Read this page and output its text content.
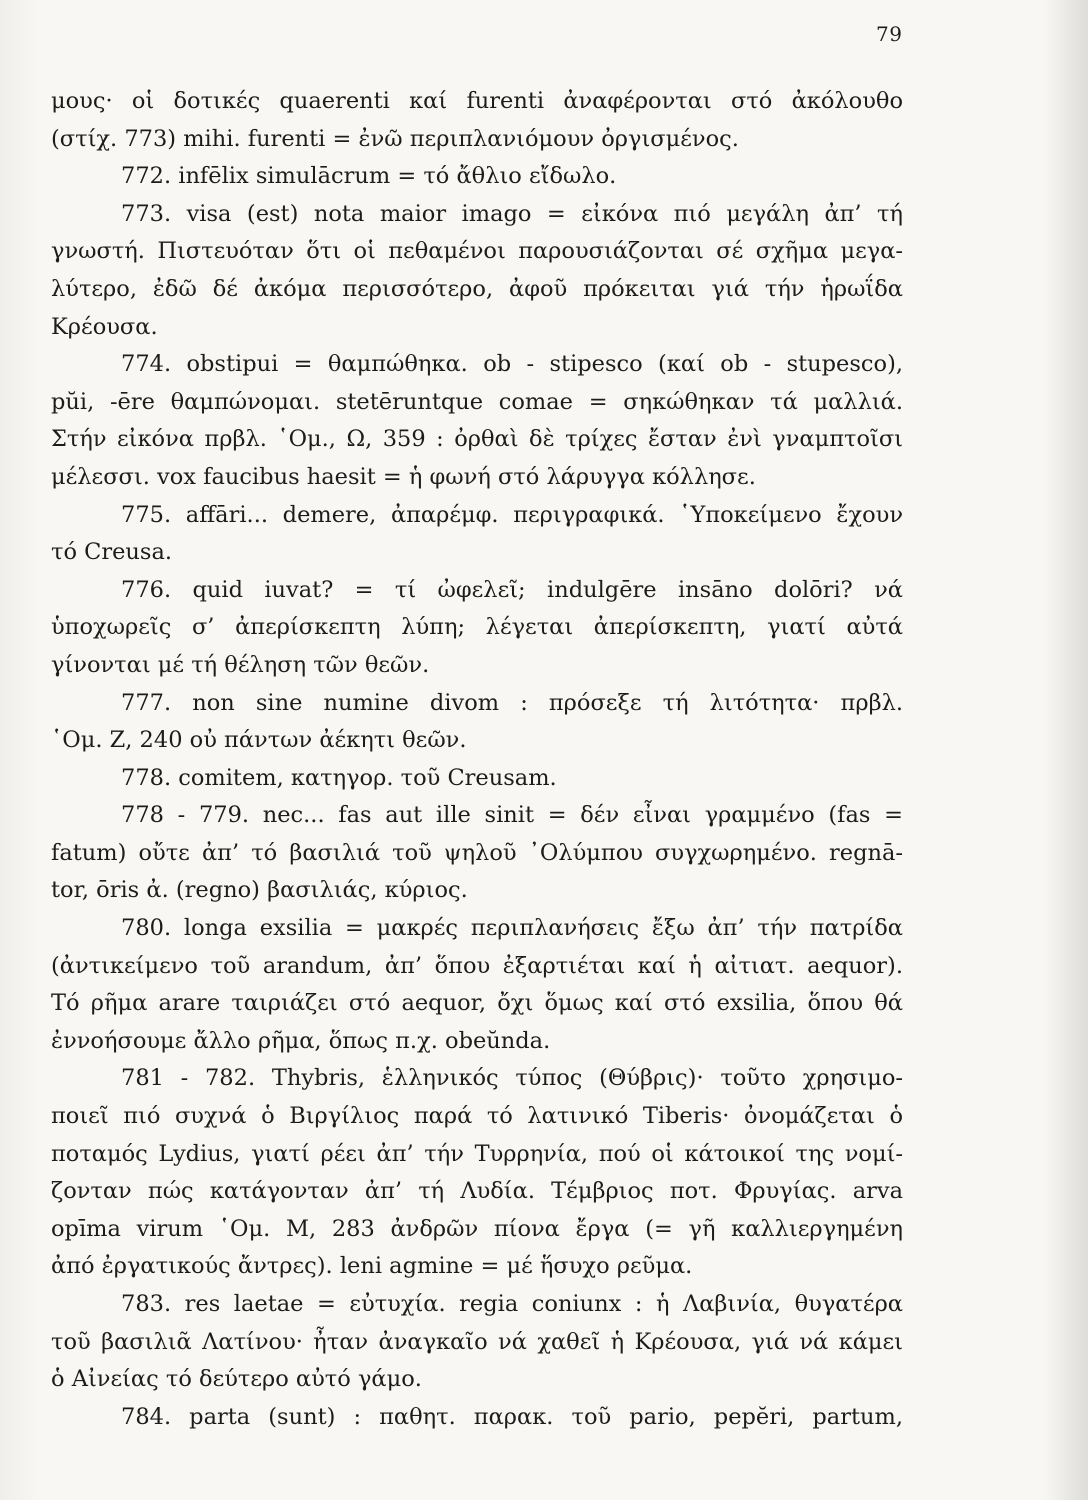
79
μους· οἱ δοτικές quaerenti καί furenti ἀναφέρονται στό ἀκόλουθο
(στίχ. 773) mihi. furenti = ἐνῶ περιπλανιόμουν ὀργισμένος.
772. infēlix simulācrum = τό ἄθλιο εἴδωλο.
773. visa (est) nota maior imago = εἰκόνα πιό μεγάλη ἀπ’ τή
γνωστή. Πιστευόταν ὅτι οἱ πεθαμένοι παρουσιάζονται σέ σχῆμα μεγα-
λύτερο, ἐδῶ δέ ἀκόμα περισσότερο, ἀφοῦ πρόκειται γιά τήν ἡρωΐδα
Κρέουσα.
774. obstipui = θαμπώθηκα. ob - stipesco (καί ob - stupesco),
pŭi, -ēre θαμπώνομαι. stetēruntque comae = σηκώθηκαν τά μαλλιά.
Στήν εἰκόνα πρβλ. ῾Ομ., Ω, 359 : ὀρθαὶ δὲ τρίχες ἔσταν ἐνὶ γναμπτοῖσι
μέλεσσι. vox faucibus haesit = ἡ φωνή στό λάρυγγα κόλλησε.
775. affāri... demere, ἀπαρέμφ. περιγραφικά. ῾Υποκείμενο ἔχουν
τό Creusa.
776. quid iuvat? = τί ὠφελεῖ; indulgēre insāno dolōri? νά
ὑποχωρεῖς σ’ ἀπερίσκεπτη λύπη; λέγεται ἀπερίσκεπτη, γιατί αὐτά
γίνονται μέ τή θέληση τῶν θεῶν.
777. non sine numine divom : πρόσεξε τή λιτότητα· πρβλ.
῾Ομ. Ζ, 240 οὐ πάντων ἀέκητι θεῶν.
778. comitem, κατηγορ. τοῦ Creusam.
778 - 779. nec... fas aut ille sinit = δέν εἶναι γραμμένο (fas =
fatum) οὔτε ἀπ’ τό βασιλιά τοῦ ψηλοῦ ᾿Ολύμπου συγχωρημένο. regnā-
tor, ōris ἀ. (regno) βασιλιάς, κύριος.
780. longa exsilia = μακρές περιπλανήσεις ἔξω ἀπ’ τήν πατρίδα
(ἀντικείμενο τοῦ arandum, ἀπ’ ὅπου ἐξαρτιέται καί ἡ αἰτιατ. aequor).
Τό ρῆμα arare ταιριάζει στό aequor, ὄχι ὅμως καί στό exsilia, ὅπου θά
ἐννοήσουμε ἄλλο ρῆμα, ὅπως π.χ. obeŭnda.
781 - 782. Thybris, ἑλληνικός τύπος (Θύβρις)· τοῦτο χρησιμο-
ποιεῖ πιό συχνά ὁ Βιργίλιος παρά τό λατινικό Tiberis· ὀνομάζεται ὁ
ποταμός Lydius, γιατί ρέει ἀπ’ τήν Τυρρηνία, πού οἱ κάτοικοί της νομί-
ζονταν πώς κατάγονταν ἀπ’ τή Λυδία. Τέμβριος ποτ. Φρυγίας. arva
opīma virum ῾Ομ. Μ, 283 ἀνδρῶν πίονα ἔργα (= γῆ καλλιεργημένη
ἀπό ἐργατικούς ἄντρες). leni agmine = μέ ἥσυχο ρεῦμα.
783. res laetae = εὐτυχία. regia coniunx : ἡ Λαβινία, θυγατέρα
τοῦ βασιλιᾶ Λατίνου· ἦταν ἀναγκαῖο νά χαθεῖ ἡ Κρέουσα, γιά νά κάμει
ὁ Αἰνείας τό δεύτερο αὐτό γάμο.
784. parta (sunt) : παθητ. παρακ. τοῦ pario, pepĕri, partum,
